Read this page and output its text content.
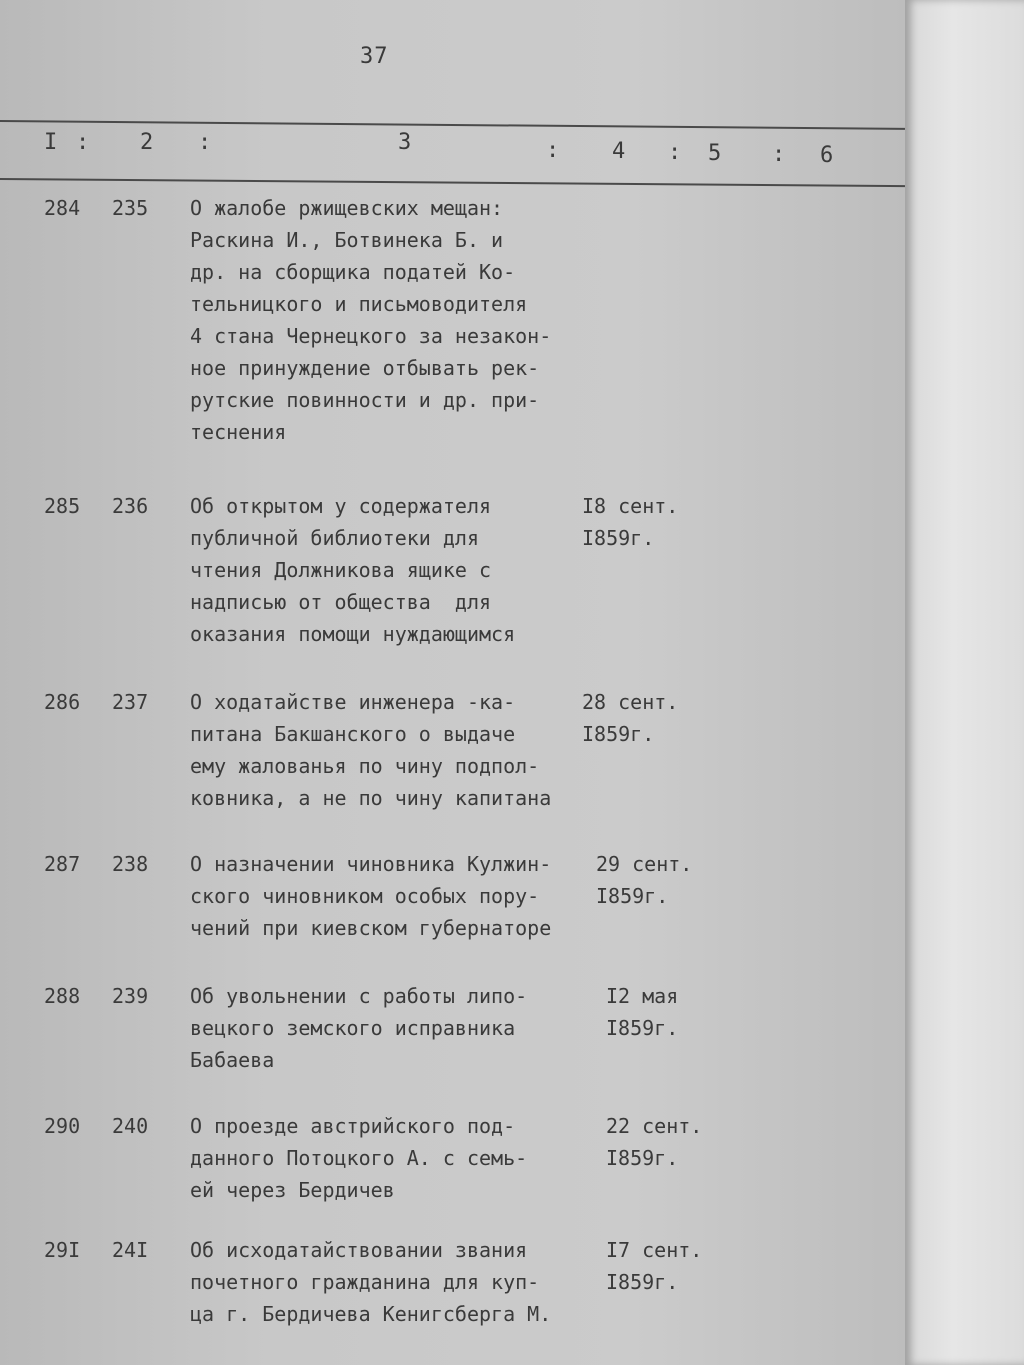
37
I : 2 :	3	: 4 : 5 : 6
284 235 О жалобе ржищевских мещан:
Раскина И., Ботвинека Б. и
др. на сборщика податей Ко-
тельницкого и письмоводителя
4 стана Чернецкого за незакон-
ное принуждение отбывать рек-
рутские повинности и др. при-
теснения
285 236 Об открытом у содержателя
публичной библиотеки для
чтения Должникова ящике с
надписью от общества  для
оказания помощи нуждающимся
I8 сент.
I859г.
286 237 О ходатайстве инженера -ка-
питана Бакшанского о выдаче
ему жалованья по чину подпол-
ковника, а не по чину капитана
28 сент.
I859г.
287 238 О назначении чиновника Кулжин-
ского чиновником особых пору-
чений при киевском губернаторе
29 сент.
I859г.
288 239 Об увольнении с работы липо-
вецкого земского исправника
Бабаева
I2 мая
I859г.
290 240 О проезде австрийского под-
данного Потоцкого А. с семь-
ей через Бердичев
22 сент.
I859г.
29I 24I Об исходатайствовании звания
почетного гражданина для куп-
ца г. Бердичева Кенигсберга М.
I7 сент.
I859г.
